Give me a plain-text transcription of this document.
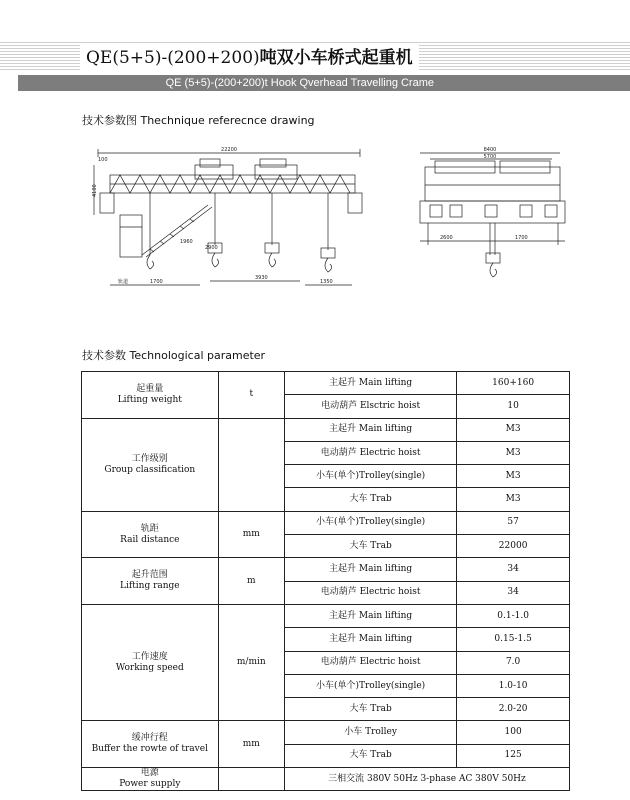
QE(5+5)-(200+200)吨双小车桥式起重机
QE (5+5)-(200+200)t Hook Qverhead Travelling Crame
技术参数图 Thechnique referecnce drawing
22200
100
4100
1960
2900
3930
1350
1700
轨道
8400
5700
2600	1700
技术参数 Technological parameter
起重量
Lifting weight	t	主起升 Main lifting	160+160
		电动葫芦 Elsctric hoist	10

工作级别
Group classification		主起升 Main lifting	M3
		电动葫芦 Electric hoist	M3
		小车(单个)Trolley(single)	M3
		大车 Trab	M3

轨距
Rail distance	mm	小车(单个)Trolley(single)	57
		大车 Trab	22000

起升范围
Lifting range	m	主起升 Main lifting	34
		电动葫芦 Electric hoist	34

工作速度
Working speed	m/min	主起升 Main lifting	0.1-1.0
		主起升 Main lifting	0.15-1.5
		电动葫芦 Electric hoist	7.0
		小车(单个)Trolley(single)	1.0-10
		大车 Trab	2.0-20

缓冲行程
Buffer the rowte of travel	mm	小车 Trolley	100
		大车 Trab	125

电源
Power supply		三相交流 380V 50Hz 3-phase AC 380V 50Hz	
